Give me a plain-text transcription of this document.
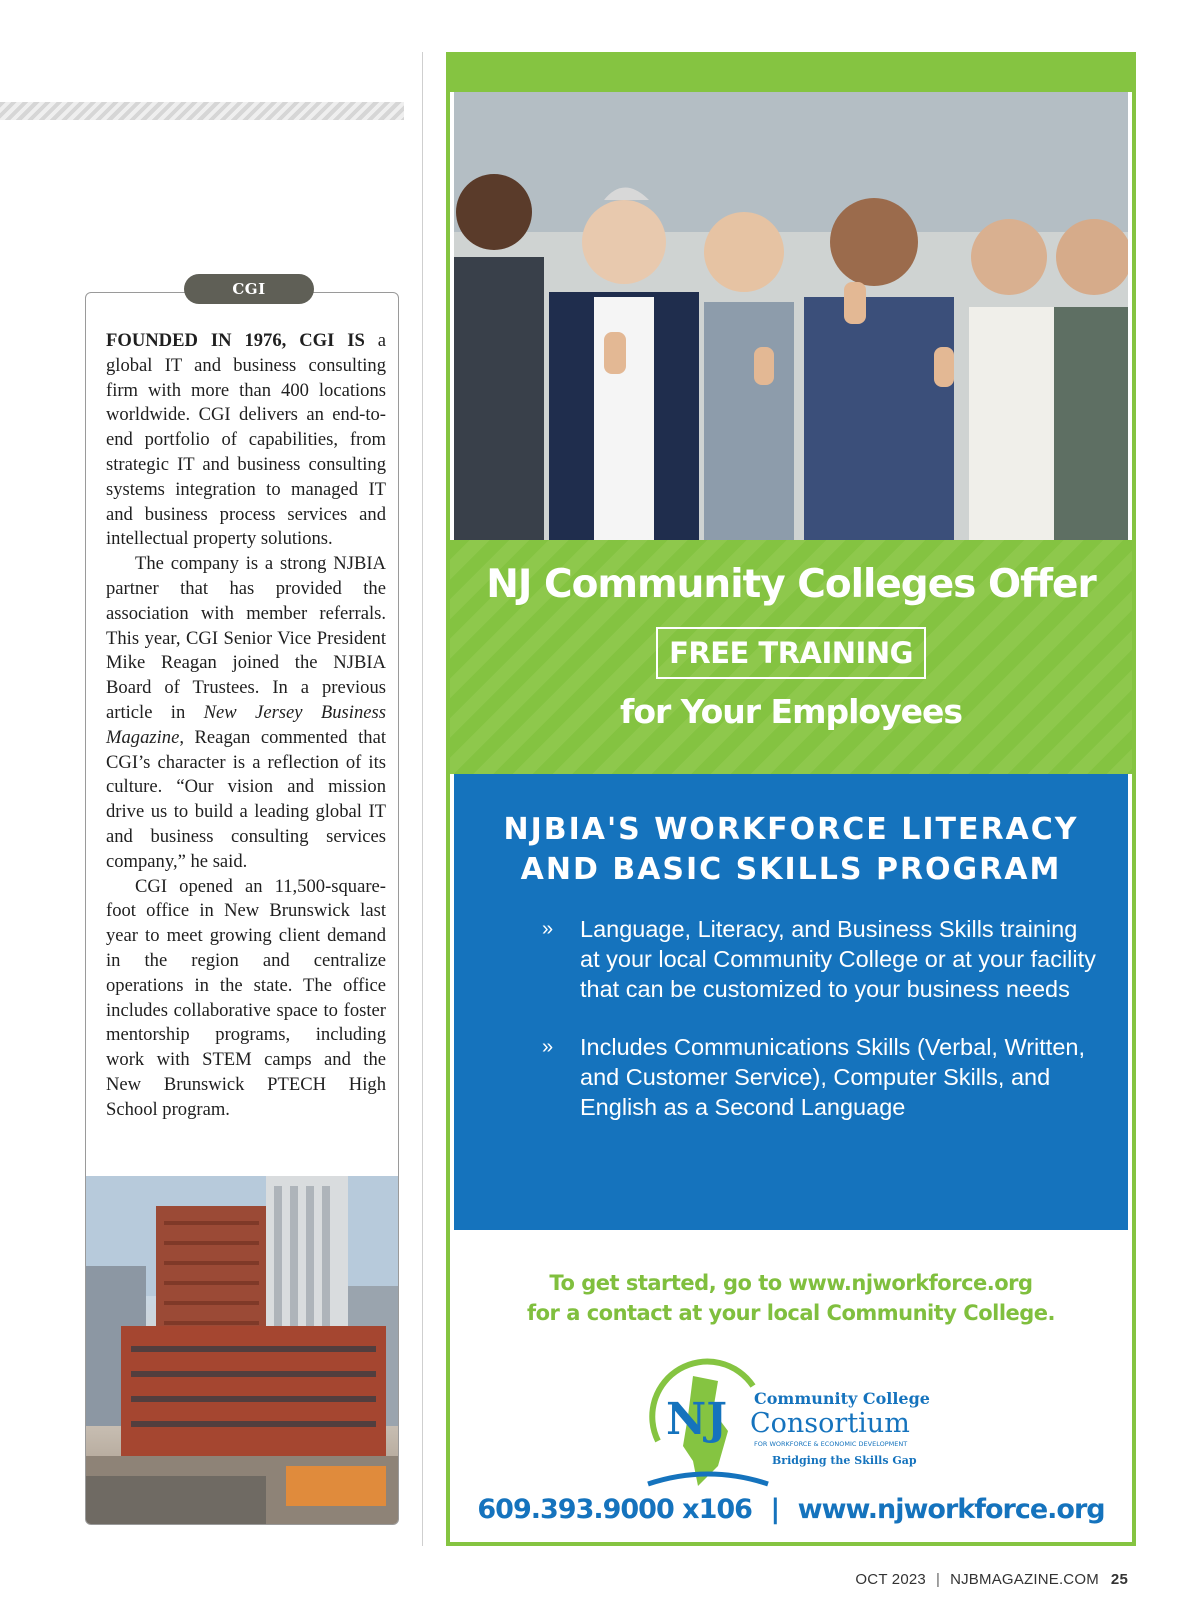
CGI

FOUNDED IN 1976, CGI IS a global IT and business consulting firm with more than 400 locations worldwide. CGI delivers an end-to-end portfolio of capabilities, from strategic IT and business consulting systems integration to managed IT and business process services and intellectual property solutions.

The company is a strong NJBIA partner that has provided the association with member referrals. This year, CGI Senior Vice President Mike Reagan joined the NJBIA Board of Trustees. In a previous article in New Jersey Business Magazine, Reagan commented that CGI’s character is a reflection of its culture. “Our vision and mission drive us to build a leading global IT and business consulting services company,” he said.

CGI opened an 11,500-square-foot office in New Brunswick last year to meet growing client demand in the region and centralize operations in the state. The office includes collaborative space to foster mentorship programs, including work with STEM camps and the New Brunswick PTECH High School program.

NJ Community Colleges Offer
FREE TRAINING
for Your Employees
NJBIA'S WORKFORCE LITERACY
AND BASIC SKILLS PROGRAM
» Language, Literacy, and Business Skills training at your local Community College or at your facility that can be customized to your business needs
» Includes Communications Skills (Verbal, Written, and Customer Service), Computer Skills, and English as a Second Language
To get started, go to www.njworkforce.org
for a contact at your local Community College.
NJ Community College
Consortium
FOR WORKFORCE & ECONOMIC DEVELOPMENT
Bridging the Skills Gap
609.393.9000 x106 | www.njworkforce.org
OCT 2023 | NJBMAGAZINE.COM 25
